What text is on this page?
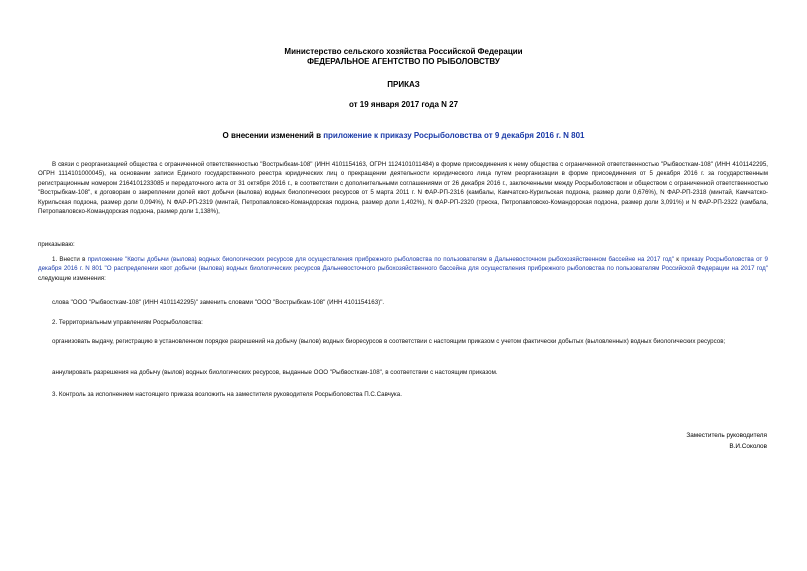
Министерство сельского хозяйства Российской Федерации
ФЕДЕРАЛЬНОЕ АГЕНТСТВО ПО РЫБОЛОВСТВУ
ПРИКАЗ
от 19 января 2017 года N 27
О внесении изменений в приложение к приказу Росрыболовства от 9 декабря 2016 г. N 801
В связи с реорганизацией общества с ограниченной ответственностью "Вострыбкам-108" (ИНН 4101154163, ОГРН 1124101011484) в форме присоединения к нему общества с ограниченной ответственностью "Рыбвосткам-108" (ИНН 4101142295, ОГРН 1114101000045), на основании записи Единого государственного реестра юридических лиц о прекращении деятельности юридического лица путем реорганизации в форме присоединения от 5 декабря 2016 г. за государственным регистрационным номером 2164101233085 и передаточного акта от 31 октября 2016 г., в соответствии с дополнительными соглашениями от 26 декабря 2016 г., заключенными между Росрыболовством и обществом с ограниченной ответственностью "Вострыбкам-108", к договорам о закреплении долей квот добычи (вылова) водных биологических ресурсов от 5 марта 2011 г. N ФАР-РП-2316 (камбалы, Камчатско-Курильская подзона, размер доли 0,676%), N ФАР-РП-2318 (минтай, Камчатско-Курильская подзона, размер доли 0,094%), N ФАР-РП-2319 (минтай, Петропавловско-Командорская подзона, размер доли 1,402%), N ФАР-РП-2320 (треска, Петропавловско-Командорская подзона, размер доли 3,091%) и N ФАР-РП-2322 (камбала, Петропавловско-Командорская подзона, размер доли 1,138%),
приказываю:
1. Внести в приложение "Квоты добычи (вылова) водных биологических ресурсов для осуществления прибрежного рыболовства по пользователям в Дальневосточном рыбохозяйственном бассейне на 2017 год" к приказу Росрыболовства от 9 декабря 2016 г. N 801 "О распределении квот добычи (вылова) водных биологических ресурсов Дальневосточного рыбохозяйственного бассейна для осуществления прибрежного рыболовства по пользователям Российской Федерации на 2017 год" следующие изменения:
слова "ООО "Рыбвосткам-108" (ИНН 4101142295)" заменить словами "ООО "Вострыбкам-108" (ИНН 4101154163)".
2. Территориальным управлениям Росрыболовства:
организовать выдачу, регистрацию в установленном порядке разрешений на добычу (вылов) водных биоресурсов в соответствии с настоящим приказом с учетом фактически добытых (выловленных) водных биологических ресурсов;
аннулировать разрешения на добычу (вылов) водных биологических ресурсов, выданные ООО "Рыбвосткам-108", в соответствии с настоящим приказом.
3. Контроль за исполнением настоящего приказа возложить на заместителя руководителя Росрыболовства П.С.Савчука.
Заместитель руководителя
В.И.Соколов
